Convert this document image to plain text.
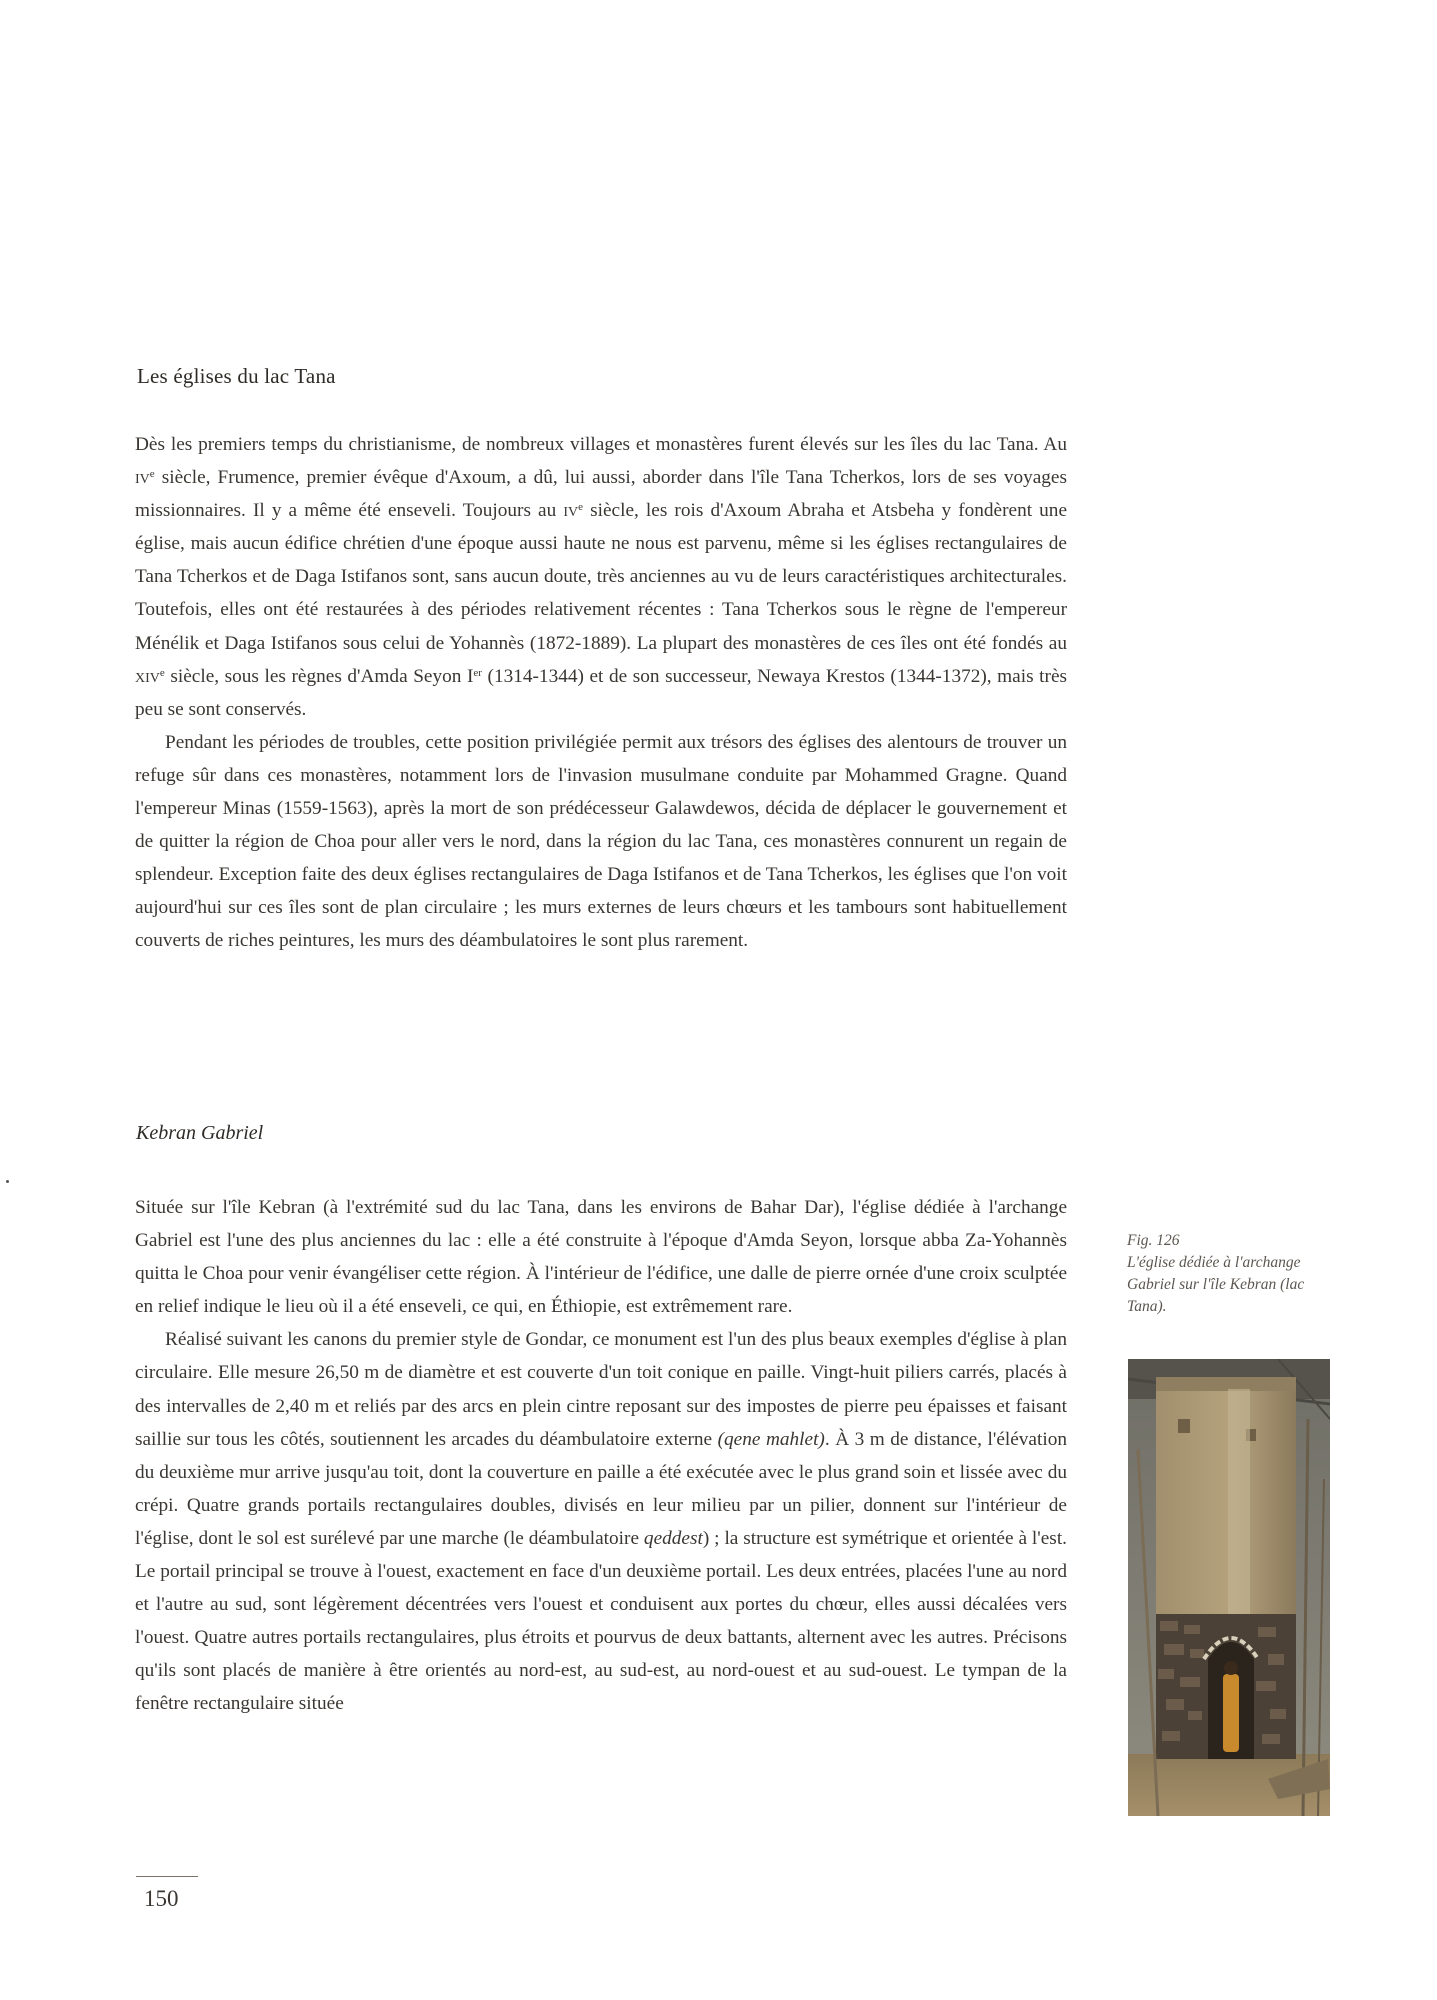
Les églises du lac Tana

Dès les premiers temps du christianisme, de nombreux villages et monastères furent élevés sur les îles du lac Tana. Au $iv^e$ siècle, Frumence, premier évêque d'Axoum, a dû, lui aussi, aborder dans l'île Tana Tcherkos, lors de ses voyages missionnaires. Il y a même été enseveli. Toujours au $iv^e$ siècle, les rois d'Axoum Abraha et Atsbeha y fondèrent une église, mais aucun édifice chrétien d'une époque aussi haute ne nous est parvenu, même si les églises rectangulaires de Tana Tcherkos et de Daga Istifanos sont, sans aucun doute, très anciennes au vu de leurs caractéristiques architecturales. Toutefois, elles ont été restaurées à des périodes relativement récentes : Tana Tcherkos sous le règne de l'empereur Ménélik et Daga Istifanos sous celui de Yohannès (1872-1889). La plupart des monastères de ces îles ont été fondés au xiv$^e$ siècle, sous les règnes d'Amda Seyon Ier (1314-1344) et de son successeur, Newaya Krestos (1344-1372), mais très peu se sont conservés.

Pendant les périodes de troubles, cette position privilégiée permit aux trésors des églises des alentours de trouver un refuge sûr dans ces monastères, notamment lors de l'invasion musulmane conduite par Mohammed Gragne. Quand l'empereur Minas (1559-1563), après la mort de son prédécesseur Galawdewos, décida de déplacer le gouvernement et de quitter la région de Choa pour aller vers le nord, dans la région du lac Tana, ces monastères connurent un regain de splendeur. Exception faite des deux églises rectangulaires de Daga Istifanos et de Tana Tcherkos, les églises que l'on voit aujourd'hui sur ces îles sont de plan circulaire ; les murs externes de leurs chœurs et les tambours sont habituellement couverts de riches peintures, les murs des déambulatoires le sont plus rarement.

Kebran Gabriel

Située sur l'île Kebran (à l'extrémité sud du lac Tana, dans les environs de Bahar Dar), l'église dédiée à l'archange Gabriel est l'une des plus anciennes du lac : elle a été construite à l'époque d'Amda Seyon, lorsque abba Za-Yohannès quitta le Choa pour venir évangéliser cette région. À l'intérieur de l'édifice, une dalle de pierre ornée d'une croix sculptée en relief indique le lieu où il a été enseveli, ce qui, en Éthiopie, est extrêmement rare.

Réalisé suivant les canons du premier style de Gondar, ce monument est l'un des plus beaux exemples d'église à plan circulaire. Elle mesure 26,50 m de diamètre et est couverte d'un toit conique en paille. Vingt-huit piliers carrés, placés à des intervalles de 2,40 m et reliés par des arcs en plein cintre reposant sur des impostes de pierre peu épaisses et faisant saillie sur tous les côtés, soutiennent les arcades du déambulatoire externe (qene mahlet). À 3 m de distance, l'élévation du deuxième mur arrive jusqu'au toit, dont la couverture en paille a été exécutée avec le plus grand soin et lissée avec du crépi. Quatre grands portails rectangulaires doubles, divisés en leur milieu par un pilier, donnent sur l'intérieur de l'église, dont le sol est surélevé par une marche (le déambulatoire qeddest) ; la structure est symétrique et orientée à l'est. Le portail principal se trouve à l'ouest, exactement en face d'un deuxième portail. Les deux entrées, placées l'une au nord et l'autre au sud, sont légèrement décentrées vers l'ouest et conduisent aux portes du chœur, elles aussi décalées vers l'ouest. Quatre autres portails rectangulaires, plus étroits et pourvus de deux battants, alternent avec les autres. Précisons qu'ils sont placés de manière à être orientés au nord-est, au sud-est, au nord-ouest et au sud-ouest. Le tympan de la fenêtre rectangulaire située

Fig. 126
L'église dédiée à l'archange Gabriel sur l'île Kebran (lac Tana).
150
